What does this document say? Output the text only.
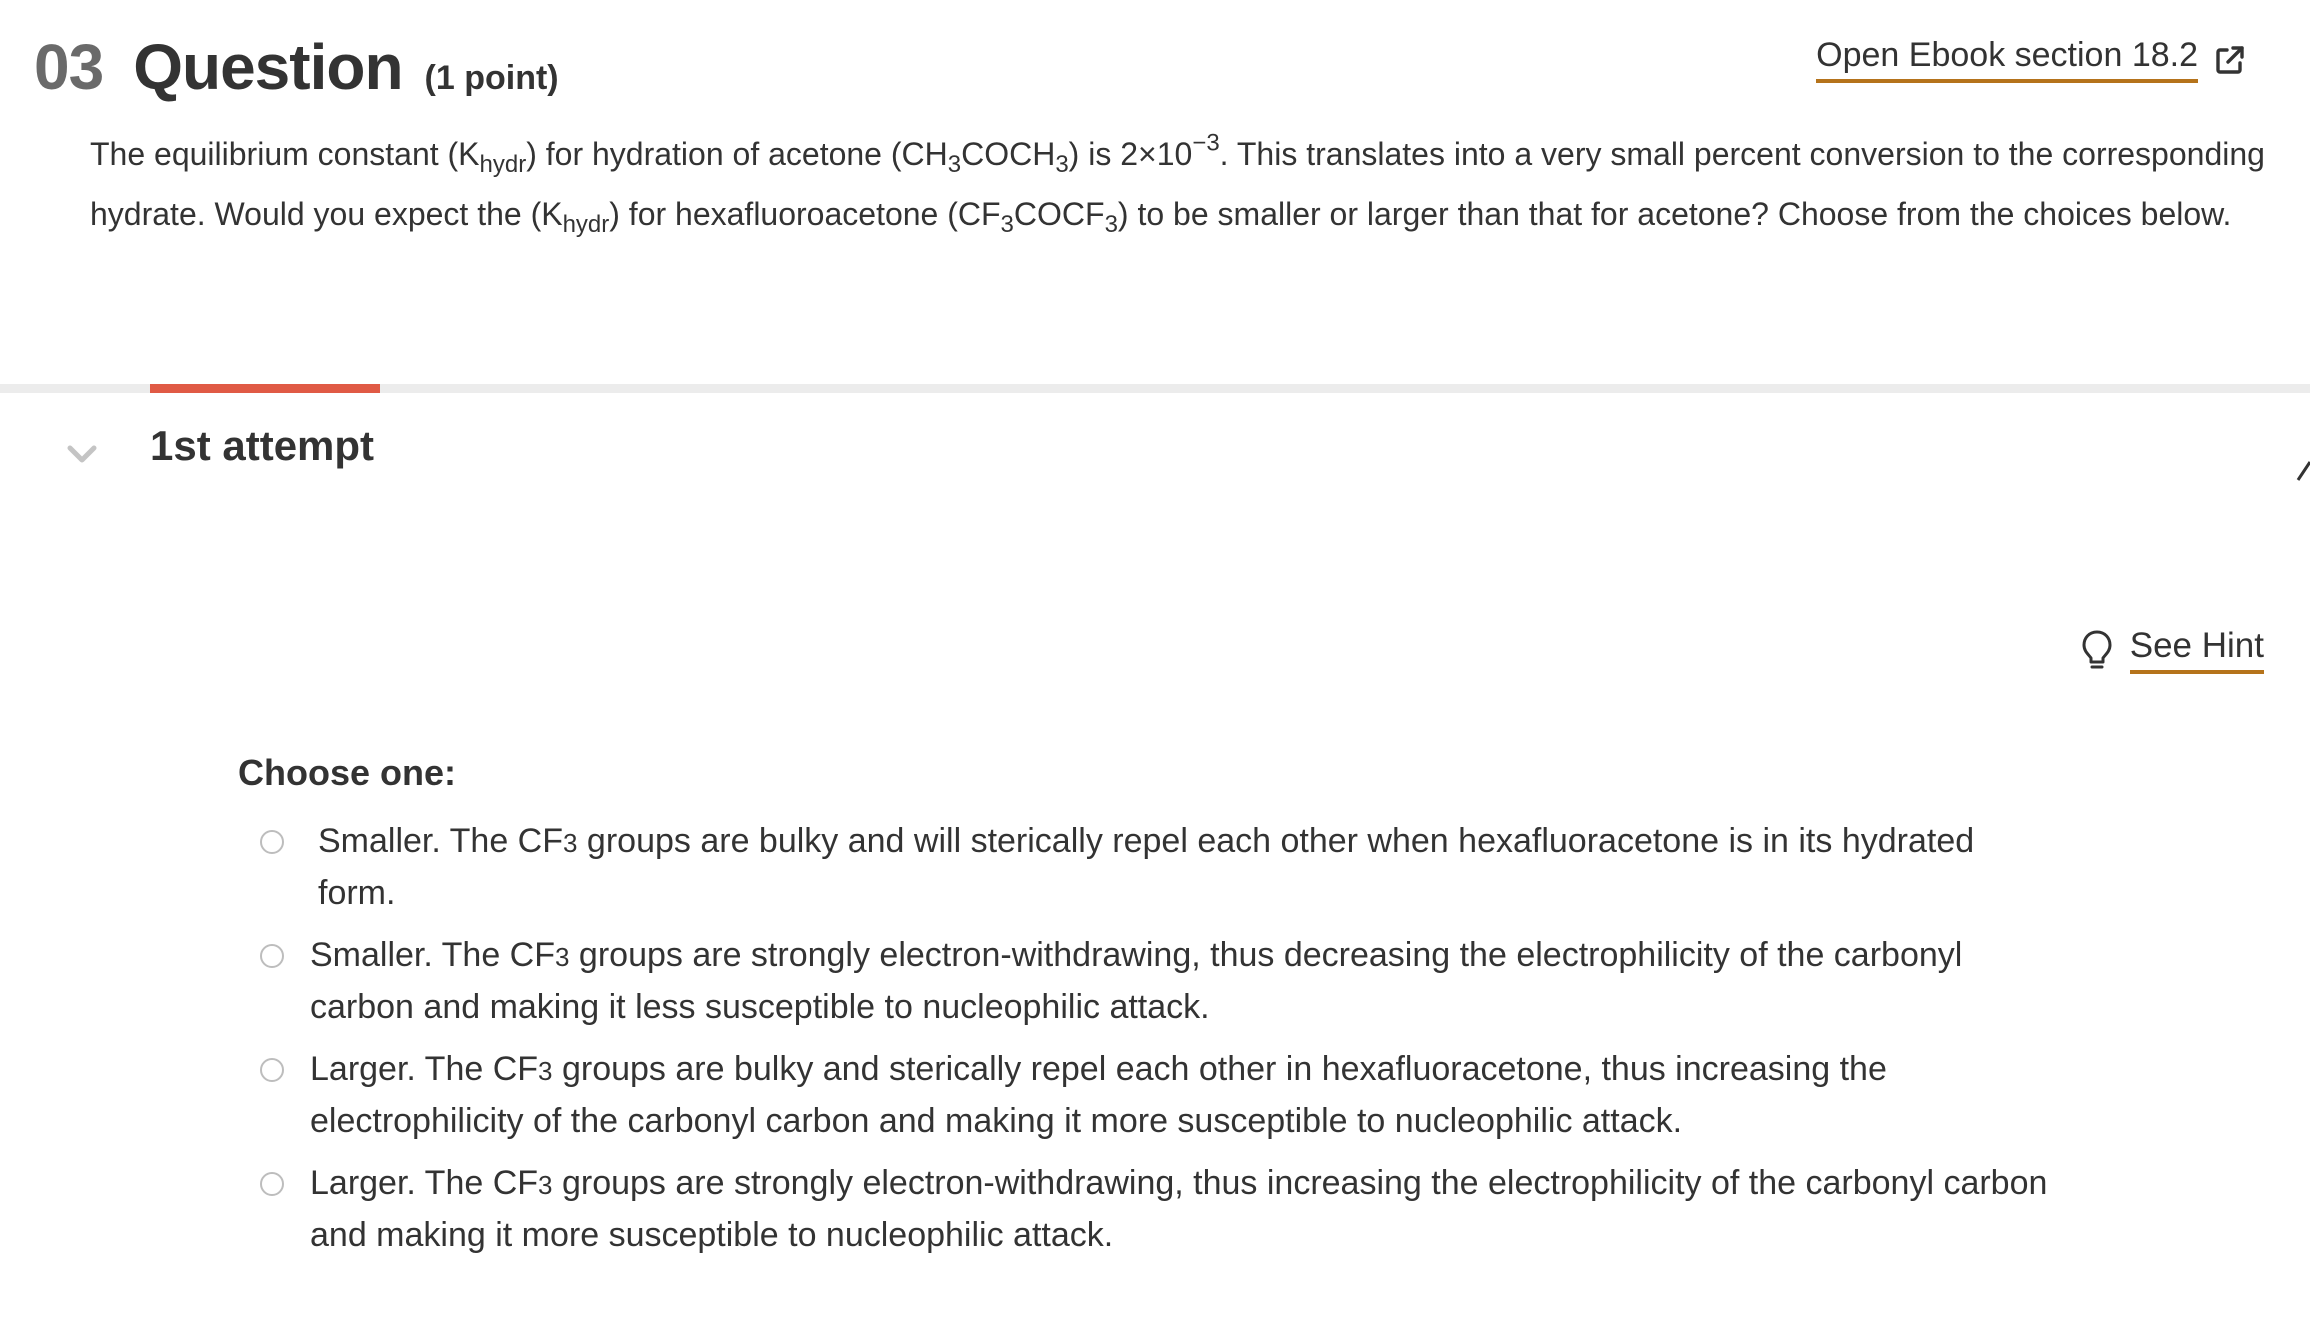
03 Question (1 point)
Open Ebook section 18.2
The equilibrium constant $(K_{hydr})$ for hydration of acetone $(CH_3COCH_3)$ is $2\times 10^{-3}$. This translates into a very small percent conversion to the corresponding hydrate. Would you expect the $(K_{hydr})$ for hexafluoroacetone $(CF_3COCF_3)$ to be smaller or larger than that for acetone? Choose from the choices below.
1st attempt
See Hint
Choose one:
Smaller. The CF3 groups are bulky and will sterically repel each other when hexafluoracetone is in its hydrated form.
Smaller. The CF3 groups are strongly electron-withdrawing, thus decreasing the electrophilicity of the carbonyl carbon and making it less susceptible to nucleophilic attack.
Larger. The CF3 groups are bulky and sterically repel each other in hexafluoracetone, thus increasing the electrophilicity of the carbonyl carbon and making it more susceptible to nucleophilic attack.
Larger. The CF3 groups are strongly electron-withdrawing, thus increasing the electrophilicity of the carbonyl carbon and making it more susceptible to nucleophilic attack.
